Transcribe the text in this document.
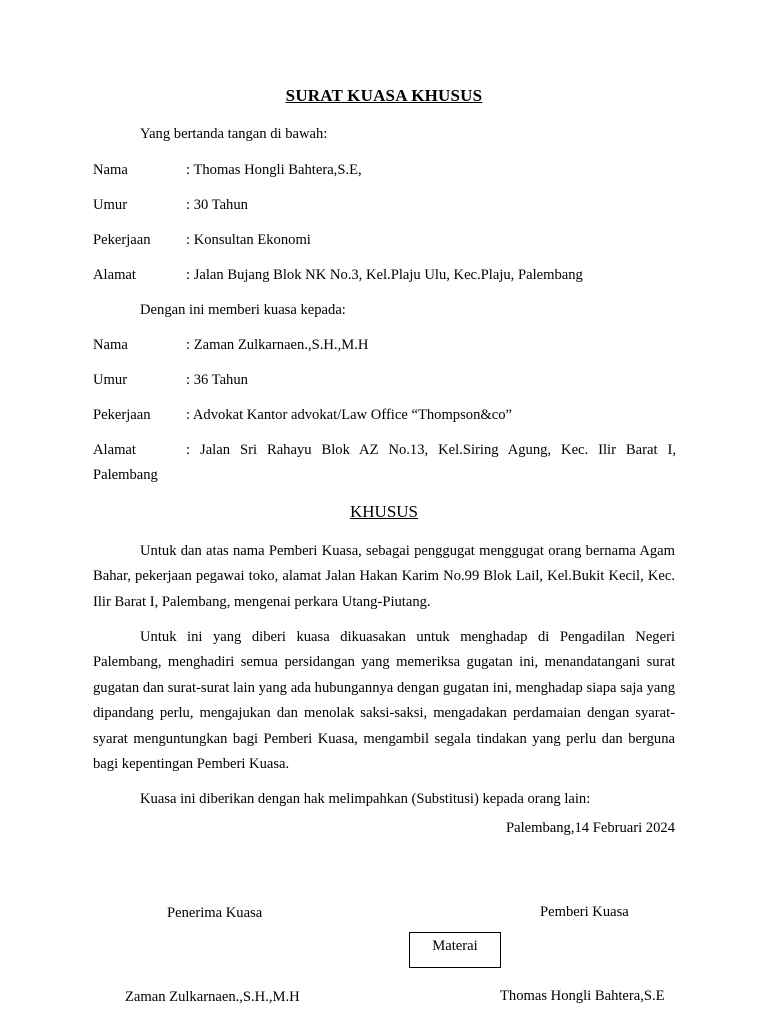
SURAT KUASA KHUSUS
Yang bertanda tangan di bawah:
Nama	: Thomas Hongli Bahtera,S.E,
Umur	: 30 Tahun
Pekerjaan : Konsultan Ekonomi
Alamat	: Jalan Bujang Blok NK No.3, Kel.Plaju Ulu, Kec.Plaju, Palembang
Dengan ini memberi kuasa kepada:
Nama	: Zaman Zulkarnaen.,S.H.,M.H
Umur	: 36 Tahun
Pekerjaan : Advokat Kantor advokat/Law Office “Thompson&co”
Alamat	: Jalan Sri Rahayu Blok AZ No.13, Kel.Siring Agung, Kec. Ilir Barat I,
Palembang
KHUSUS

Untuk dan atas nama Pemberi Kuasa, sebagai penggugat menggugat orang bernama Agam Bahar, pekerjaan pegawai toko, alamat Jalan Hakan Karim No.99 Blok Lail, Kel.Bukit Kecil, Kec. Ilir Barat I, Palembang, mengenai perkara Utang-Piutang.

Untuk ini yang diberi kuasa dikuasakan untuk menghadap di Pengadilan Negeri Palembang, menghadiri semua persidangan yang memeriksa gugatan ini, menandatangani surat gugatan dan surat-surat lain yang ada hubungannya dengan gugatan ini, menghadap siapa saja yang dipandang perlu, mengajukan dan menolak saksi-saksi, mengadakan perdamaian dengan syarat-syarat menguntungkan bagi Pemberi Kuasa, mengambil segala tindakan yang perlu dan berguna bagi kepentingan Pemberi Kuasa.

Kuasa ini diberikan dengan hak melimpahkan (Substitusi) kepada orang lain:

Palembang,14 Februari 2024
Penerima Kuasa	Pemberi Kuasa
Materai
Zaman Zulkarnaen.,S.H.,M.H	Thomas Hongli Bahtera,S.E
